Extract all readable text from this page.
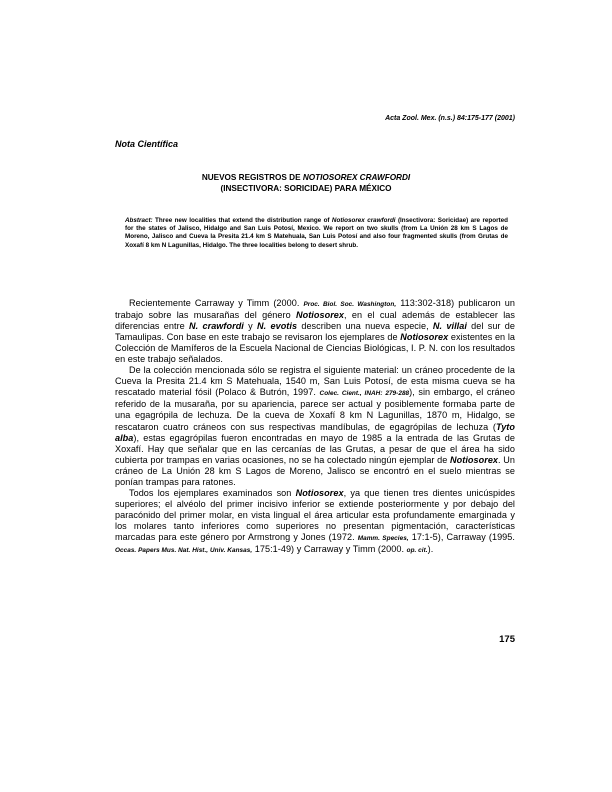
Acta Zool. Mex. (n.s.) 84:175-177 (2001)
Nota Científica
NUEVOS REGISTROS DE NOTIOSOREX CRAWFORDI
(INSECTIVORA: SORICIDAE) PARA MÉXICO
Abstract: Three new localities that extend the distribution range of Notiosorex crawfordi (Insectivora: Soricidae) are reported for the states of Jalisco, Hidalgo and San Luis Potosí, Mexico. We report on two skulls (from La Unión 28 km S Lagos de Moreno, Jalisco and Cueva la Presita 21.4 km S Matehuala, San Luis Potosí and also four fragmented skulls (from Grutas de Xoxafí 8 km N Lagunillas, Hidalgo. The three localities belong to desert shrub.

Recientemente Carraway y Timm (2000. Proc. Biol. Soc. Washington, 113:302-318) publicaron un trabajo sobre las musarañas del género Notiosorex, en el cual además de establecer las diferencias entre N. crawfordi y N. evotis describen una nueva especie, N. villai del sur de Tamaulipas. Con base en este trabajo se revisaron los ejemplares de Notiosorex existentes en la Colección de Mamíferos de la Escuela Nacional de Ciencias Biológicas, I. P. N. con los resultados en este trabajo señalados.

De la colección mencionada sólo se registra el siguiente material: un cráneo procedente de la Cueva la Presita 21.4 km S Matehuala, 1540 m, San Luis Potosí, de esta misma cueva se ha rescatado material fósil (Polaco & Butrón, 1997. Colec. Cient., INAH: 279-288), sin embargo, el cráneo referido de la musaraña, por su apariencia, parece ser actual y posiblemente formaba parte de una egagrópila de lechuza. De la cueva de Xoxafí 8 km N Lagunillas, 1870 m, Hidalgo, se rescataron cuatro cráneos con sus respectivas mandíbulas, de egagrópilas de lechuza (Tyto alba), estas egagrópilas fueron encontradas en mayo de 1985 a la entrada de las Grutas de Xoxafí. Hay que señalar que en las cercanías de las Grutas, a pesar de que el área ha sido cubierta por trampas en varias ocasiones, no se ha colectado ningún ejemplar de Notiosorex. Un cráneo de La Unión 28 km S Lagos de Moreno, Jalisco se encontró en el suelo mientras se ponían trampas para ratones.

Todos los ejemplares examinados son Notiosorex, ya que tienen tres dientes unicúspides superiores; el alvéolo del primer incisivo inferior se extiende posteriormente y por debajo del paracónido del primer molar, en vista lingual el área articular esta profundamente emarginada y los molares tanto inferiores como superiores no presentan pigmentación, características marcadas para este género por Armstrong y Jones (1972. Mamm. Species, 17:1-5), Carraway (1995. Occas. Papers Mus. Nat. Hist., Univ. Kansas, 175:1-49) y Carraway y Timm (2000. op. cit.).

175
